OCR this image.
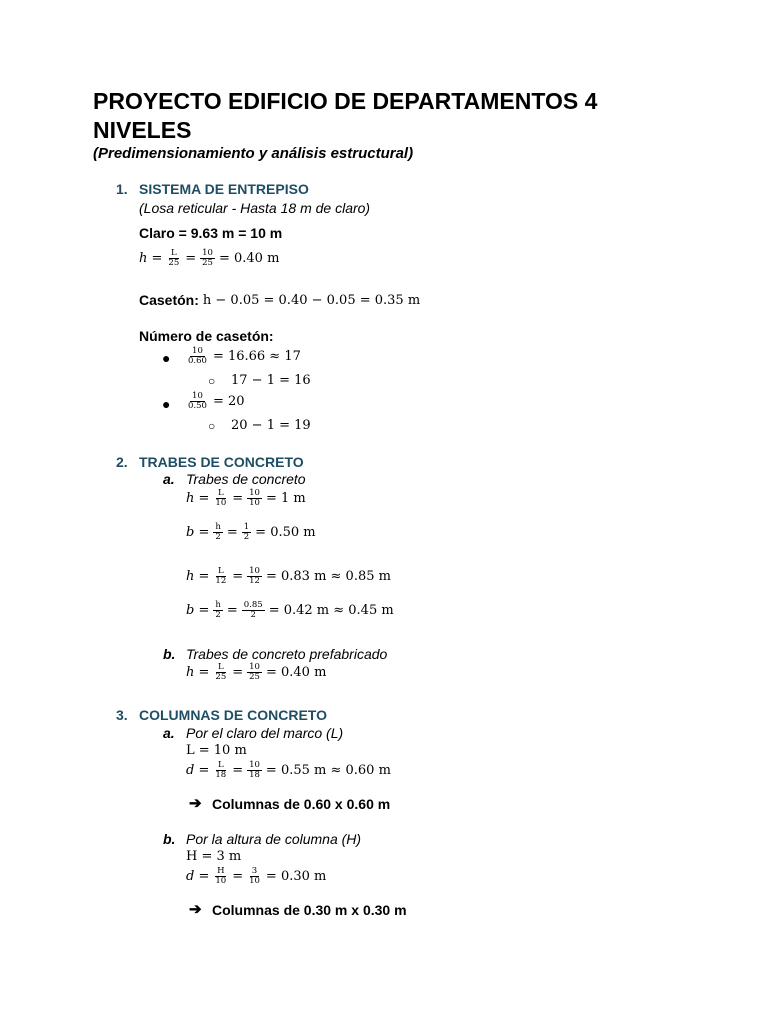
PROYECTO EDIFICIO DE DEPARTAMENTOS 4
NIVELES
(Predimensionamiento y análisis estructural)
1. SISTEMA DE ENTREPISO
(Losa reticular - Hasta 18 m de claro)
Claro = 9.63 m = 10 m
$h = \frac{L}{25} = \frac{10}{25} = 0.40$ m
Casetón: h − 0.05 = 0.40 − 0.05 = 0.35 m
Número de casetón:
● $\frac{10}{0.60} = 16.66 \approx 17$
○ 17 − 1 = 16
● $\frac{10}{0.50} = 20$
○ 20 − 1 = 19
2. TRABES DE CONCRETO
a. Trabes de concreto
$h = \frac{L}{10} = \frac{10}{10} = 1$ m
$b = \frac{h}{2} = \frac{1}{2} = 0.50$ m
$h = \frac{L}{12} = \frac{10}{12} = 0.83$ m ≈ 0.85 m
$b = \frac{h}{2} = \frac{0.85}{2} = 0.42$ m ≈ 0.45 m
b. Trabes de concreto prefabricado
$h = \frac{L}{25} = \frac{10}{25} = 0.40$ m
3. COLUMNAS DE CONCRETO
a. Por el claro del marco (L)
L = 10 m
$d = \frac{L}{18} = \frac{10}{18} = 0.55$ m ≈ 0.60 m
➔ Columnas de 0.60 x 0.60 m
b. Por la altura de columna (H)
H = 3 m
$d = \frac{H}{10} = \frac{3}{10} = 0.30$ m
➔ Columnas de 0.30 m x 0.30 m
